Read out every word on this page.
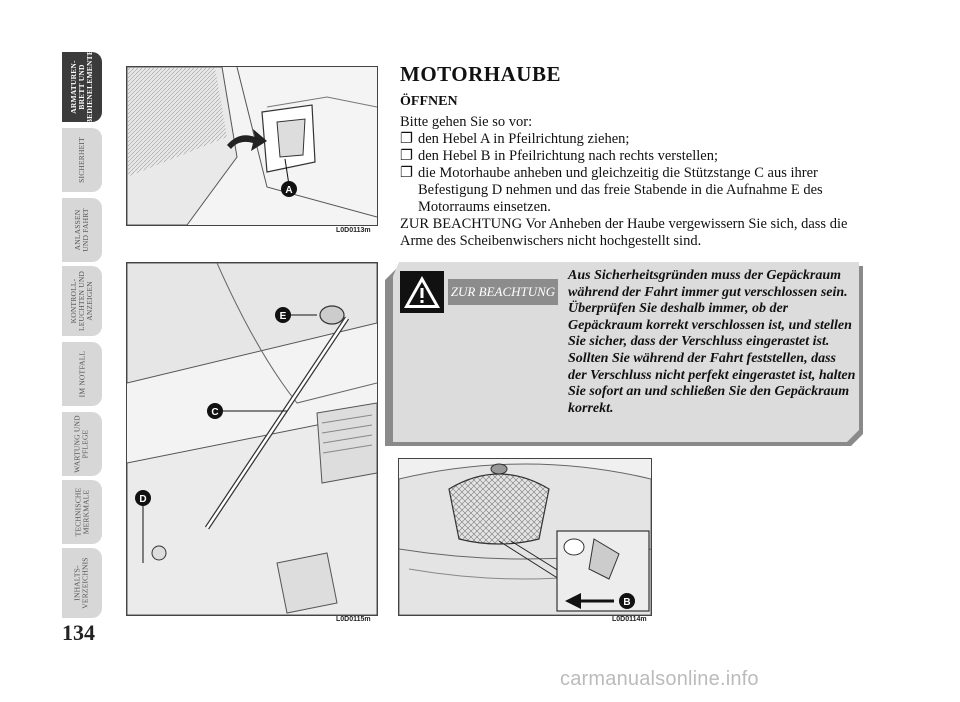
ARMATUREN-
BRETT UND
BEDIENELEMENTE
SICHERHEIT
ANLASSEN
UND FAHRT
KONTROLL-
LEUCHTEN UND
ANZEIGEN
IM NOTFALL
WARTUNG UND
PFLEGE
TECHNISCHE
MERKMALE
INHALTS-
VERZEICHNIS
134
A
L0D0113m
E
C
D
L0D0115m
MOTORHAUBE
ÖFFNEN
Bitte gehen Sie so vor:
❐ den Hebel A in Pfeilrichtung ziehen;
❐ den Hebel B in Pfeilrichtung nach rechts verstellen;
❐ die Motorhaube anheben und gleichzeitig die Stützstange C aus ihrer Befestigung D nehmen und das freie Stabende in die Aufnahme E des Motorraums einsetzen.
ZUR BEACHTUNG Vor Anheben der Haube vergewissern Sie sich, dass die Arme des Scheibenwischers nicht hochgestellt sind.
ZUR BEACHTUNG
Aus Sicherheitsgründen muss der Gepäckraum während der Fahrt immer gut verschlossen sein. Überprüfen Sie deshalb immer, ob der Gepäckraum korrekt verschlossen ist, und stellen Sie sicher, dass der Verschluss eingerastet ist. Sollten Sie während der Fahrt feststellen, dass der Verschluss nicht perfekt eingerastet ist, halten Sie sofort an und schließen Sie den Gepäckraum korrekt.
B
L0D0114m
carmanualsonline.info
